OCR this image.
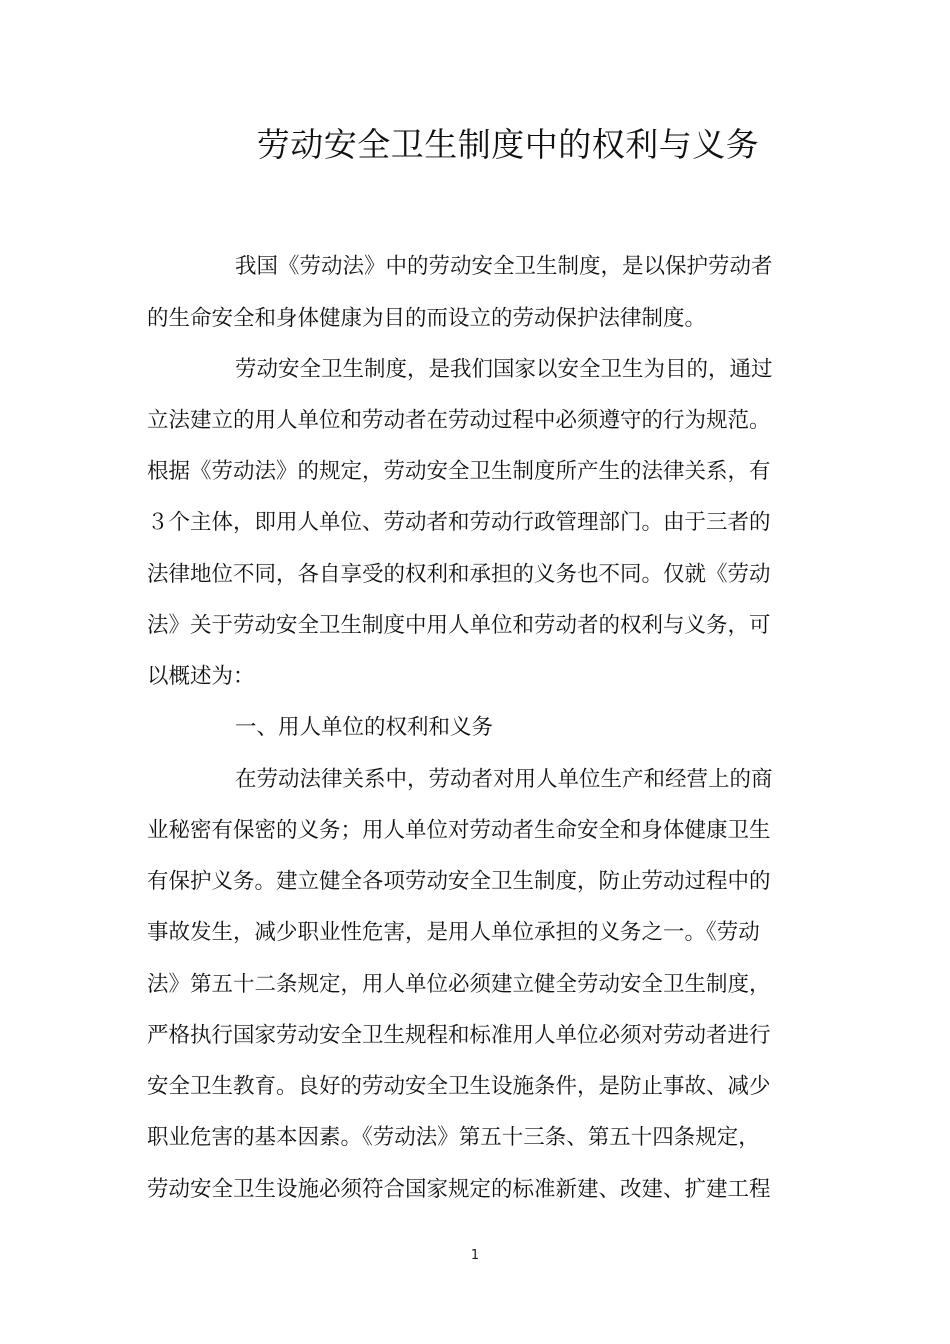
劳动安全卫生制度中的权利与义务

我国《劳动法》中的劳动安全卫生制度，是以保护劳动者

的生命安全和身体健康为目的而设立的劳动保护法律制度。

劳动安全卫生制度，是我们国家以安全卫生为目的，通过

立法建立的用人单位和劳动者在劳动过程中必须遵守的行为规范。

根据《劳动法》的规定，劳动安全卫生制度所产生的法律关系，有

３个主体，即用人单位、劳动者和劳动行政管理部门。由于三者的

法律地位不同，各自享受的权利和承担的义务也不同。仅就《劳动

法》关于劳动安全卫生制度中用人单位和劳动者的权利与义务，可

以概述为：

一、用人单位的权利和义务

在劳动法律关系中，劳动者对用人单位生产和经营上的商

业秘密有保密的义务；用人单位对劳动者生命安全和身体健康卫生

有保护义务。建立健全各项劳动安全卫生制度，防止劳动过程中的

事故发生，减少职业性危害，是用人单位承担的义务之一。《劳动

法》第五十二条规定，用人单位必须建立健全劳动安全卫生制度，

严格执行国家劳动安全卫生规程和标准用人单位必须对劳动者进行

安全卫生教育。良好的劳动安全卫生设施条件，是防止事故、减少

职业危害的基本因素。《劳动法》第五十三条、第五十四条规定，

劳动安全卫生设施必须符合国家规定的标准新建、改建、扩建工程

1
